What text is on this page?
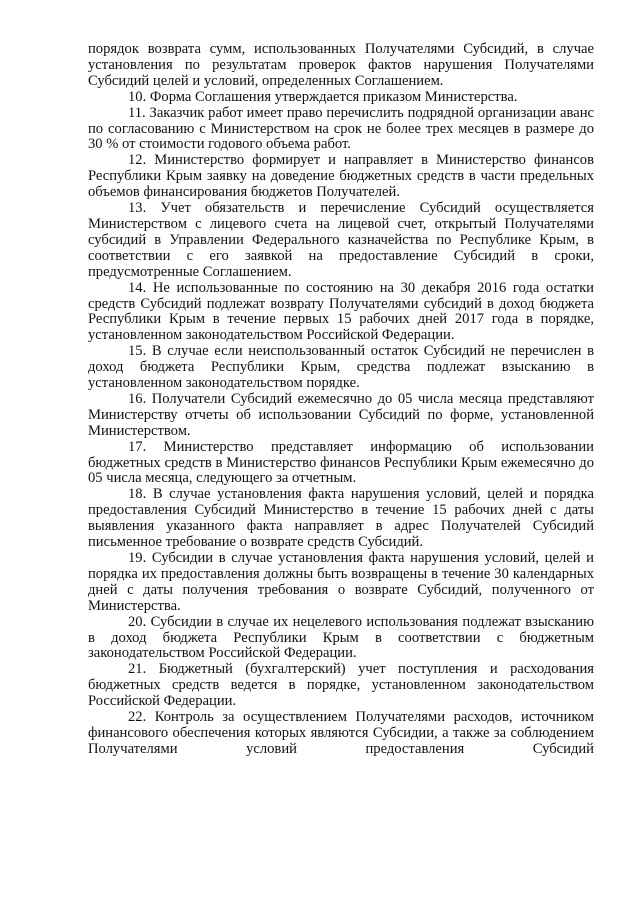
порядок возврата сумм, использованных Получателями Субсидий, в случае установления по результатам проверок фактов нарушения Получателями Субсидий целей и условий, определенных Соглашением.

10. Форма Соглашения утверждается приказом Министерства.

11. Заказчик работ имеет право перечислить подрядной организации аванс по согласованию с Министерством на срок не более трех месяцев в размере до 30 % от стоимости годового объема работ.

12. Министерство формирует и направляет в Министерство финансов Республики Крым заявку на доведение бюджетных средств в части предельных объемов финансирования бюджетов Получателей.

13. Учет обязательств и перечисление Субсидий осуществляется Министерством с лицевого счета на лицевой счет, открытый Получателями субсидий в Управлении Федерального казначейства по Республике Крым, в соответствии с его заявкой на предоставление Субсидий в сроки, предусмотренные Соглашением.

14. Не использованные по состоянию на 30 декабря 2016 года остатки средств Субсидий подлежат возврату Получателями субсидий в доход бюджета Республики Крым в течение первых 15 рабочих дней 2017 года в порядке, установленном законодательством Российской Федерации.

15. В случае если неиспользованный остаток Субсидий не перечислен в доход бюджета Республики Крым, средства подлежат взысканию в установленном законодательством порядке.

16. Получатели Субсидий ежемесячно до 05 числа месяца представляют Министерству отчеты об использовании Субсидий по форме, установленной Министерством.

17. Министерство представляет информацию об использовании бюджетных средств в Министерство финансов Республики Крым ежемесячно до 05 числа месяца, следующего за отчетным.

18. В случае установления факта нарушения условий, целей и порядка предоставления Субсидий Министерство в течение 15 рабочих дней с даты выявления указанного факта направляет в адрес Получателей Субсидий письменное требование о возврате средств Субсидий.

19. Субсидии в случае установления факта нарушения условий, целей и порядка их предоставления должны быть возвращены в течение 30 календарных дней с даты получения требования о возврате Субсидий, полученного от Министерства.

20. Субсидии в случае их нецелевого использования подлежат взысканию в доход бюджета Республики Крым в соответствии с бюджетным законодательством Российской Федерации.

21. Бюджетный (бухгалтерский) учет поступления и расходования бюджетных средств ведется в порядке, установленном законодательством Российской Федерации.

22. Контроль за осуществлением Получателями расходов, источником финансового обеспечения которых являются Субсидии, а также за соблюдением Получателями условий предоставления Субсидий
